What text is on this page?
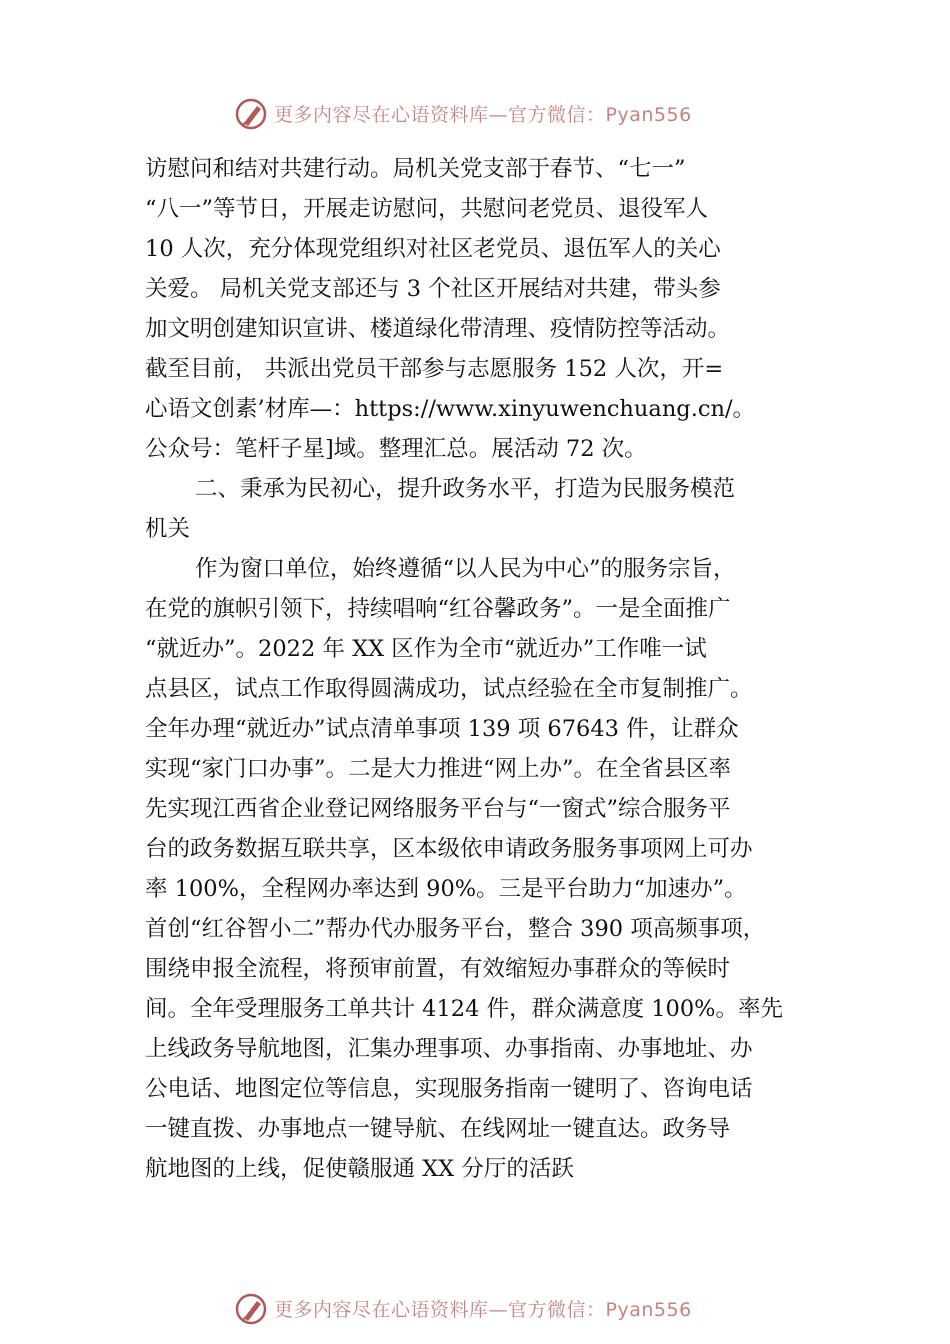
更多内容尽在心语资料库—官方微信：Pyan556
访慰问和结对共建行动。局机关党支部于春节、“七一”
“八一”等节日，开展走访慰问，共慰问老党员、退役军人
10 人次，充分体现党组织对社区老党员、退伍军人的关心
关爱。 局机关党支部还与 3 个社区开展结对共建，带头参
加文明创建知识宣讲、楼道绿化带清理、疫情防控等活动。
截至目前， 共派出党员干部参与志愿服务 152 人次，开=
心语文创素’材库—：https://www.xinyuwenchuang.cn/。
公众号：笔杆子星]域。整理汇总。展活动 72 次。
二、秉承为民初心，提升政务水平，打造为民服务模范
机关
作为窗口单位，始终遵循“以人民为中心”的服务宗旨，
在党的旗帜引领下，持续唱响“红谷馨政务”。一是全面推广
“就近办”。2022 年 XX 区作为全市“就近办”工作唯一试
点县区，试点工作取得圆满成功，试点经验在全市复制推广。
全年办理“就近办”试点清单事项 139 项 67643 件，让群众
实现“家门口办事”。二是大力推进“网上办”。在全省县区率
先实现江西省企业登记网络服务平台与“一窗式”综合服务平
台的政务数据互联共享，区本级依申请政务服务事项网上可办
率 100%，全程网办率达到 90%。三是平台助力“加速办”。
首创“红谷智小二”帮办代办服务平台，整合 390 项高频事项，
围绕申报全流程，将预审前置，有效缩短办事群众的等候时
间。全年受理服务工单共计 4124 件，群众满意度 100%。率先
上线政务导航地图，汇集办理事项、办事指南、办事地址、办
公电话、地图定位等信息，实现服务指南一键明了、咨询电话
一键直拨、办事地点一键导航、在线网址一键直达。政务导
航地图的上线，促使赣服通 XX 分厅的活跃
更多内容尽在心语资料库—官方微信：Pyan556
